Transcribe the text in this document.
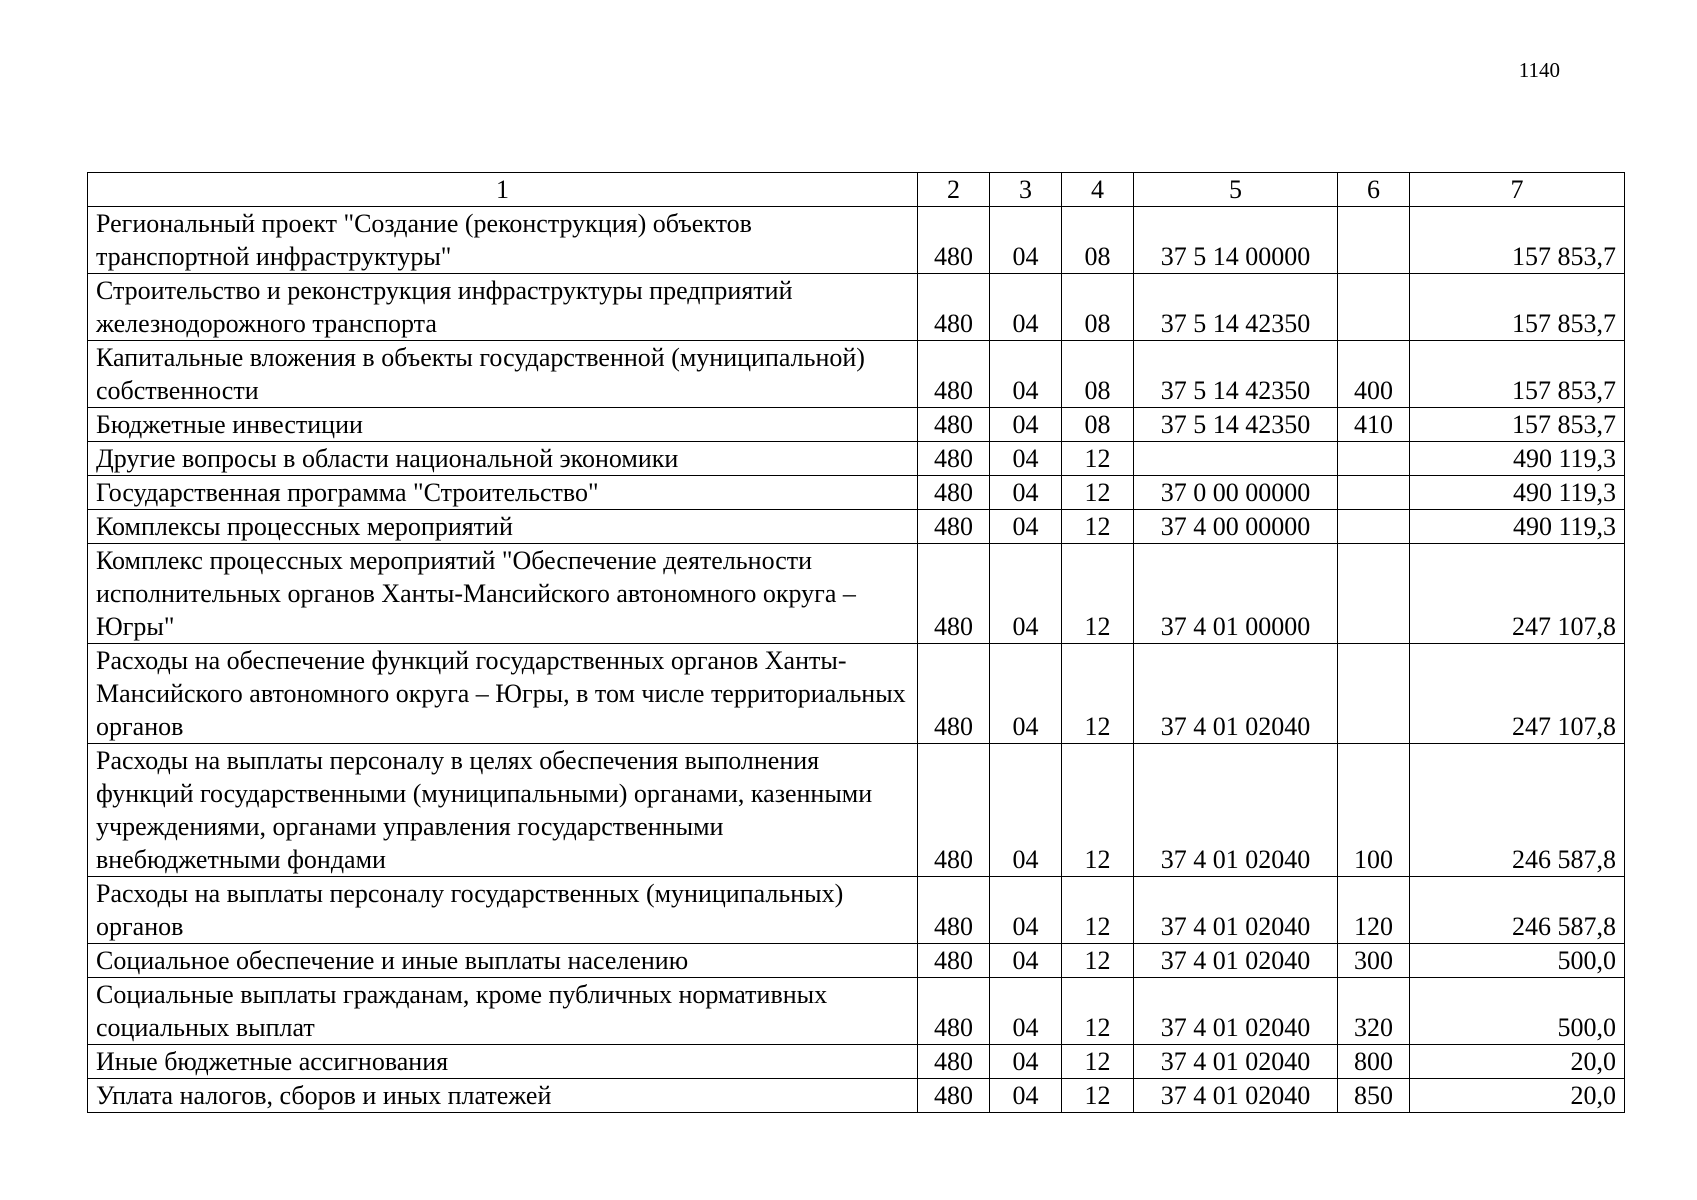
1140
1	2	3	4	5	6	7
Региональный проект "Создание (реконструкция) объектов транспортной инфраструктуры"	480	04	08	37 5 14 00000		157 853,7
Строительство и реконструкция инфраструктуры предприятий железнодорожного транспорта	480	04	08	37 5 14 42350		157 853,7
Капитальные вложения в объекты государственной (муниципальной) собственности	480	04	08	37 5 14 42350	400	157 853,7
Бюджетные инвестиции	480	04	08	37 5 14 42350	410	157 853,7
Другие вопросы в области национальной экономики	480	04	12			490 119,3
Государственная программа "Строительство"	480	04	12	37 0 00 00000		490 119,3
Комплексы процессных мероприятий	480	04	12	37 4 00 00000		490 119,3
Комплекс процессных мероприятий "Обеспечение деятельности исполнительных органов Ханты-Мансийского автономного округа – Югры"	480	04	12	37 4 01 00000		247 107,8
Расходы на обеспечение функций государственных органов Ханты-Мансийского автономного округа – Югры, в том числе территориальных органов	480	04	12	37 4 01 02040		247 107,8
Расходы на выплаты персоналу в целях обеспечения выполнения функций государственными (муниципальными) органами, казенными учреждениями, органами управления государственными внебюджетными фондами	480	04	12	37 4 01 02040	100	246 587,8
Расходы на выплаты персоналу государственных (муниципальных) органов	480	04	12	37 4 01 02040	120	246 587,8
Социальное обеспечение и иные выплаты населению	480	04	12	37 4 01 02040	300	500,0
Социальные выплаты гражданам, кроме публичных нормативных социальных выплат	480	04	12	37 4 01 02040	320	500,0
Иные бюджетные ассигнования	480	04	12	37 4 01 02040	800	20,0
Уплата налогов, сборов и иных платежей	480	04	12	37 4 01 02040	850	20,0
